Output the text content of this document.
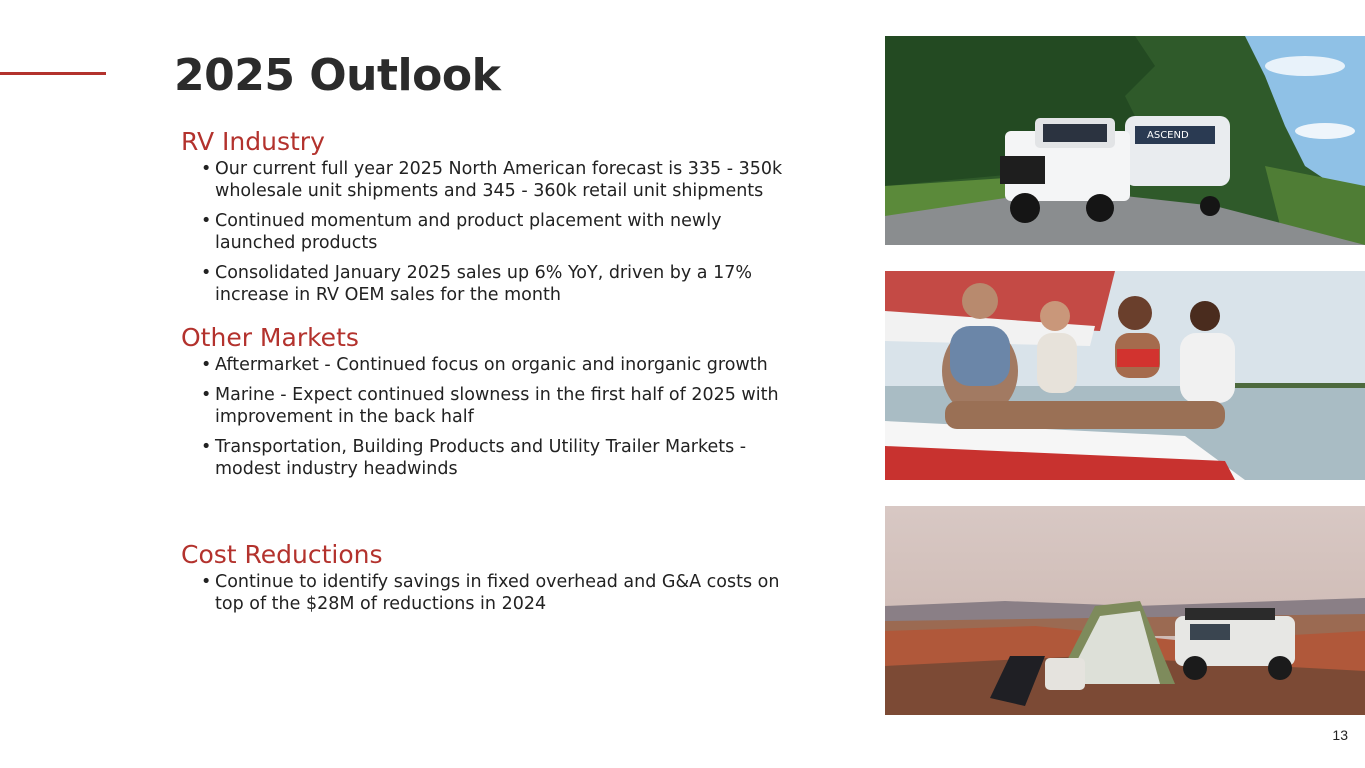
2025 Outlook
RV Industry
• Our current full year 2025 North American forecast is 335 - 350k wholesale unit shipments and 345 - 360k retail unit shipments
• Continued momentum and product placement with newly launched products
• Consolidated January 2025 sales up 6% YoY, driven by a 17% increase in RV OEM sales for the month
Other Markets
• Aftermarket - Continued focus on organic and inorganic growth
• Marine - Expect continued slowness in the first half of 2025 with improvement in the back half
• Transportation, Building Products and Utility Trailer Markets - modest industry headwinds
Cost Reductions
• Continue to identify savings in fixed overhead and G&A costs on top of the $28M of reductions in 2024
ASCEND
13
